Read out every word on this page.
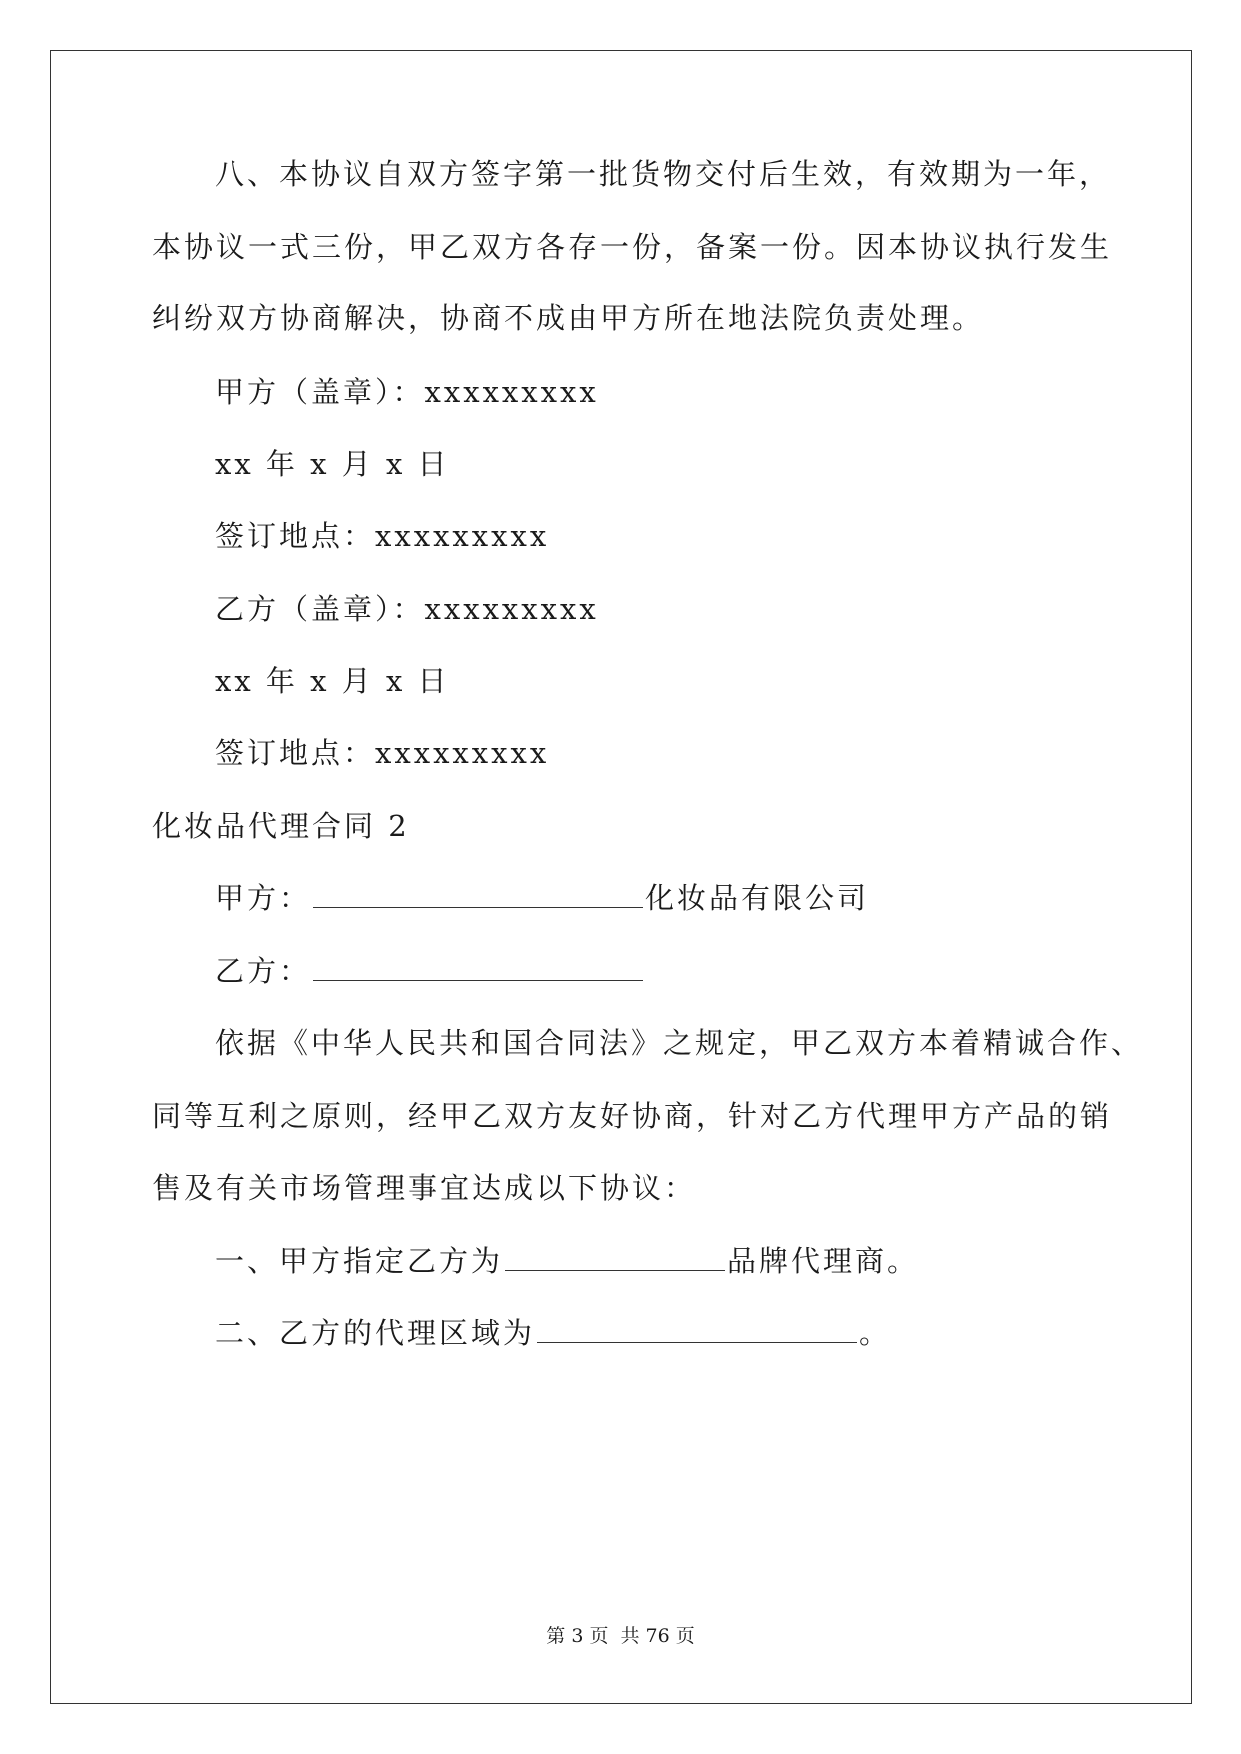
八、本协议自双方签字第一批货物交付后生效，有效期为一年，
本协议一式三份，甲乙双方各存一份，备案一份。因本协议执行发生
纠纷双方协商解决，协商不成由甲方所在地法院负责处理。
甲方（盖章）：xxxxxxxxx
xx 年 x 月 x 日
签订地点：xxxxxxxxx
乙方（盖章）：xxxxxxxxx
xx 年 x 月 x 日
签订地点：xxxxxxxxx
化妆品代理合同 2
甲方：	化妆品有限公司
乙方：
依据《中华人民共和国合同法》之规定，甲乙双方本着精诚合作、
同等互利之原则，经甲乙双方友好协商，针对乙方代理甲方产品的销
售及有关市场管理事宜达成以下协议：
一、甲方指定乙方为	品牌代理商。
二、乙方的代理区域为	。
第 3 页 共 76 页
